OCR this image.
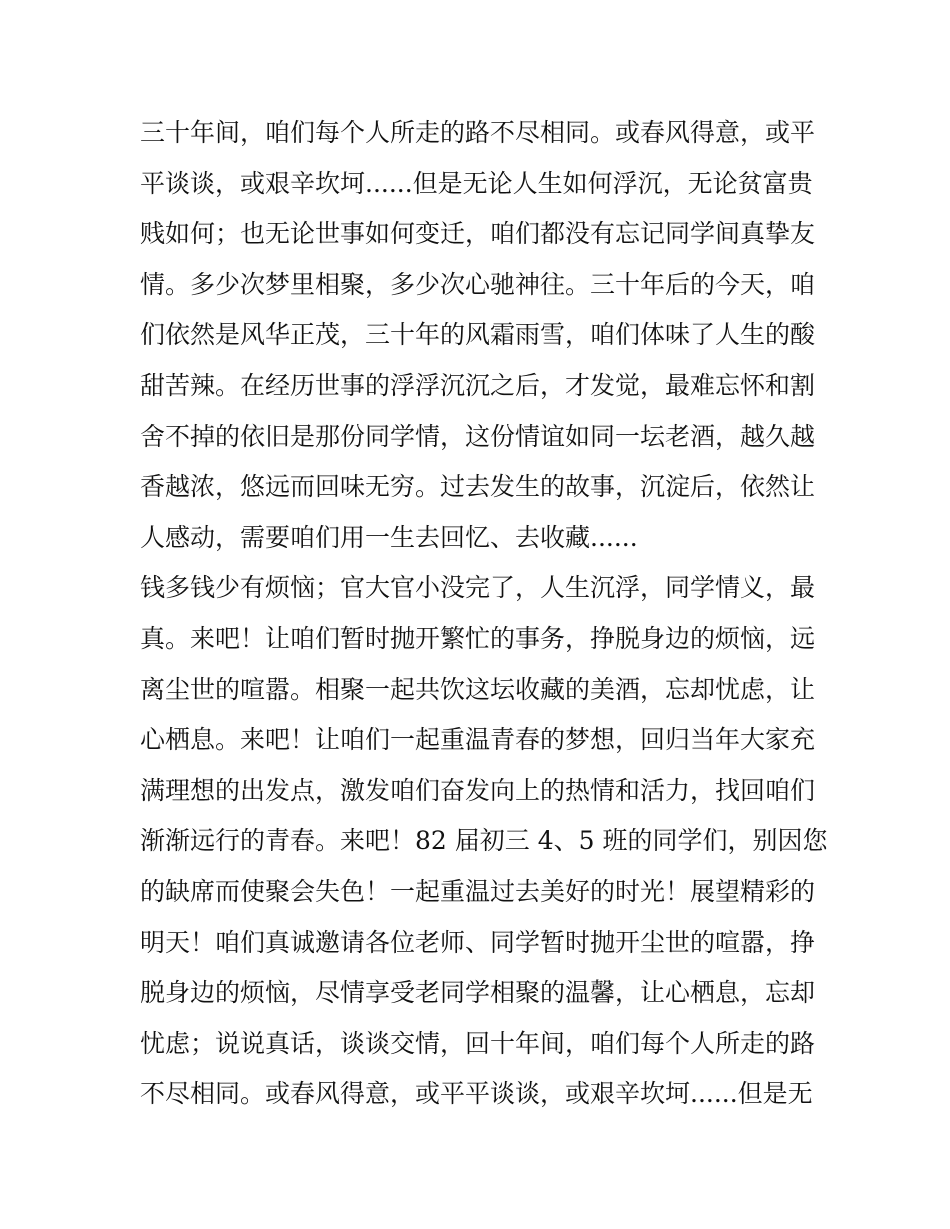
三十年间，咱们每个人所走的路不尽相同。或春风得意，或平
平谈谈，或艰辛坎坷......但是无论人生如何浮沉，无论贫富贵
贱如何；也无论世事如何变迁，咱们都没有忘记同学间真挚友
情。多少次梦里相聚，多少次心驰神往。三十年后的今天，咱
们依然是风华正茂，三十年的风霜雨雪，咱们体味了人生的酸
甜苦辣。在经历世事的浮浮沉沉之后，才发觉，最难忘怀和割
舍不掉的依旧是那份同学情，这份情谊如同一坛老酒，越久越
香越浓，悠远而回味无穷。过去发生的故事，沉淀后，依然让
人感动，需要咱们用一生去回忆、去收藏......
钱多钱少有烦恼；官大官小没完了，人生沉浮，同学情义，最
真。来吧！让咱们暂时抛开繁忙的事务，挣脱身边的烦恼，远
离尘世的喧嚣。相聚一起共饮这坛收藏的美酒，忘却忧虑，让
心栖息。来吧！让咱们一起重温青春的梦想，回归当年大家充
满理想的出发点，激发咱们奋发向上的热情和活力，找回咱们
渐渐远行的青春。来吧！82 届初三 4、5 班的同学们，别因您
的缺席而使聚会失色！一起重温过去美好的时光！展望精彩的
明天！咱们真诚邀请各位老师、同学暂时抛开尘世的喧嚣，挣
脱身边的烦恼，尽情享受老同学相聚的温馨，让心栖息，忘却
忧虑；说说真话，谈谈交情，回十年间，咱们每个人所走的路
不尽相同。或春风得意，或平平谈谈，或艰辛坎坷......但是无
